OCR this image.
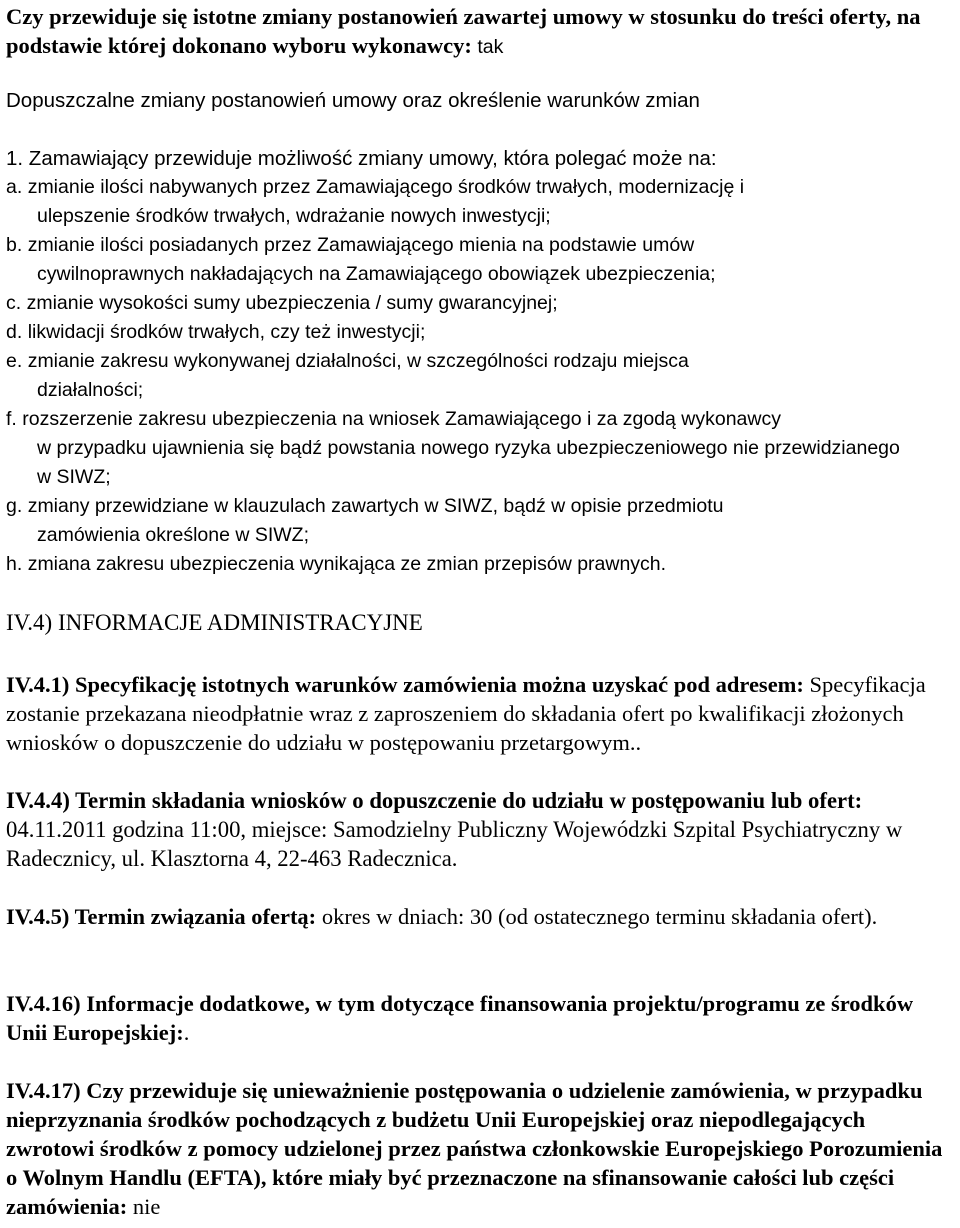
Czy przewiduje się istotne zmiany postanowień zawartej umowy w stosunku do treści oferty, na podstawie której dokonano wyboru wykonawcy: tak

Dopuszczalne zmiany postanowień umowy oraz określenie warunków zmian

1. Zamawiający przewiduje możliwość zmiany umowy, która polegać może na:

a. zmianie ilości nabywanych przez Zamawiającego środków trwałych, modernizację i
ulepszenie środków trwałych, wdrażanie nowych inwestycji;
b. zmianie ilości posiadanych przez Zamawiającego mienia na podstawie umów
cywilnoprawnych nakładających na Zamawiającego obowiązek ubezpieczenia;
c. zmianie wysokości sumy ubezpieczenia / sumy gwarancyjnej;
d. likwidacji środków trwałych, czy też inwestycji;
e. zmianie zakresu wykonywanej działalności, w szczególności rodzaju miejsca
działalności;
f. rozszerzenie zakresu ubezpieczenia na wniosek Zamawiającego i za zgodą wykonawcy
w przypadku ujawnienia się bądź powstania nowego ryzyka ubezpieczeniowego nie przewidzianego w SIWZ;
g. zmiany przewidziane w klauzulach zawartych w SIWZ, bądź w opisie przedmiotu
zamówienia określone w SIWZ;
h. zmiana zakresu ubezpieczenia wynikająca ze zmian przepisów prawnych.
IV.4) INFORMACJE ADMINISTRACYJNE

IV.4.1) Specyfikację istotnych warunków zamówienia można uzyskać pod adresem: Specyfikacja zostanie przekazana nieodpłatnie wraz z zaproszeniem do składania ofert po kwalifikacji złożonych wniosków o dopuszczenie do udziału w postępowaniu przetargowym..

IV.4.4) Termin składania wniosków o dopuszczenie do udziału w postępowaniu lub ofert: 04.11.2011 godzina 11:00, miejsce: Samodzielny Publiczny Wojewódzki Szpital Psychiatryczny w Radecznicy, ul. Klasztorna 4, 22-463 Radecznica.

IV.4.5) Termin związania ofertą: okres w dniach: 30 (od ostatecznego terminu składania ofert).

IV.4.16) Informacje dodatkowe, w tym dotyczące finansowania projektu/programu ze środków Unii Europejskiej:.

IV.4.17) Czy przewiduje się unieważnienie postępowania o udzielenie zamówienia, w przypadku nieprzyznania środków pochodzących z budżetu Unii Europejskiej oraz niepodlegających zwrotowi środków z pomocy udzielonej przez państwa członkowskie Europejskiego Porozumienia o Wolnym Handlu (EFTA), które miały być przeznaczone na sfinansowanie całości lub części zamówienia: nie
